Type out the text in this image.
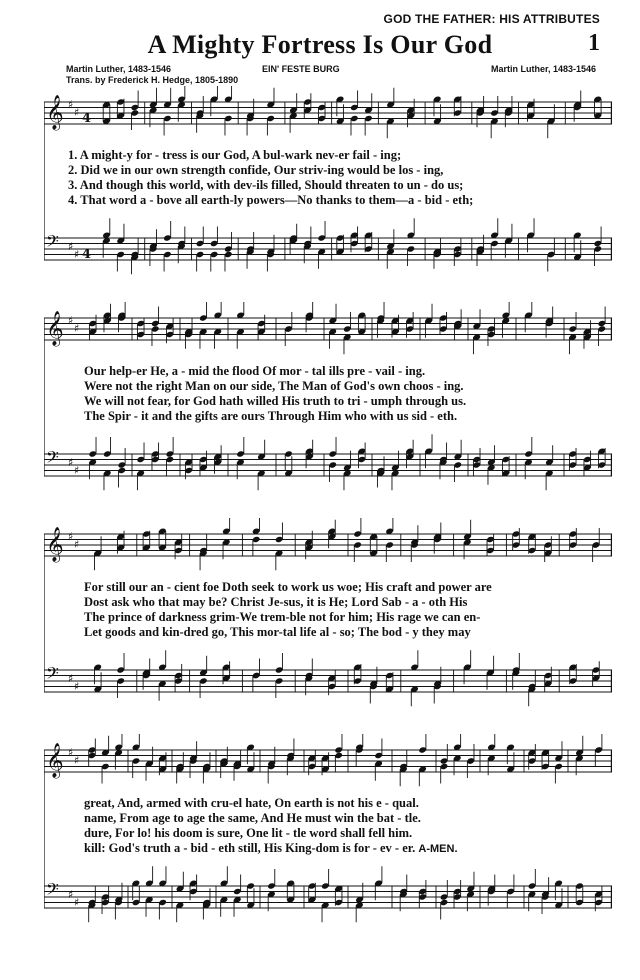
GOD THE FATHER: HIS ATTRIBUTES
A Mighty Fortress Is Our God	1
Martin Luther, 1483-1546
Trans. by Frederick H. Hedge, 1805-1890
EIN' FESTE BURG	Martin Luther, 1483-1546
𝄞 ♯
♯ 4
𝄢 ♯
♯ 4
1. A might-y for - tress is our God, A bul-wark nev-er fail - ing;
2. Did we in our own strength confide, Our striv-ing would be los - ing,
3. And though this world, with dev-ils filled, Should threaten to un - do us;
4. That word a - bove all earth-ly powers—No thanks to them—a - bid - eth;
𝄞 ♯
♯
𝄢 ♯
♯
Our help-er He, a - mid the flood Of mor - tal ills pre - vail - ing.
Were not the right Man on our side, The Man of God's own choos - ing.
We will not fear, for God hath willed His truth to tri - umph through us.
The Spir - it and the gifts are ours Through Him who with us sid - eth.
𝄞 ♯
♯
𝄢 ♯
♯
For still our an - cient foe Doth seek to work us woe; His craft and power are
Dost ask who that may be? Christ Je-sus, it is He; Lord Sab - a - oth His
The prince of darkness grim-We trem-ble not for him; His rage we can en-
Let goods and kin-dred go, This mor-tal life al - so; The bod - y they may
𝄞 ♯
♯
𝄢 ♯
♯
great, And, armed with cru-el hate, On earth is not his e - qual.
name, From age to age the same, And He must win the bat - tle.
dure, For lo! his doom is sure, One lit - tle word shall fell him.
kill: God's truth a - bid - eth still, His King-dom is for - ev - er. A-MEN.
